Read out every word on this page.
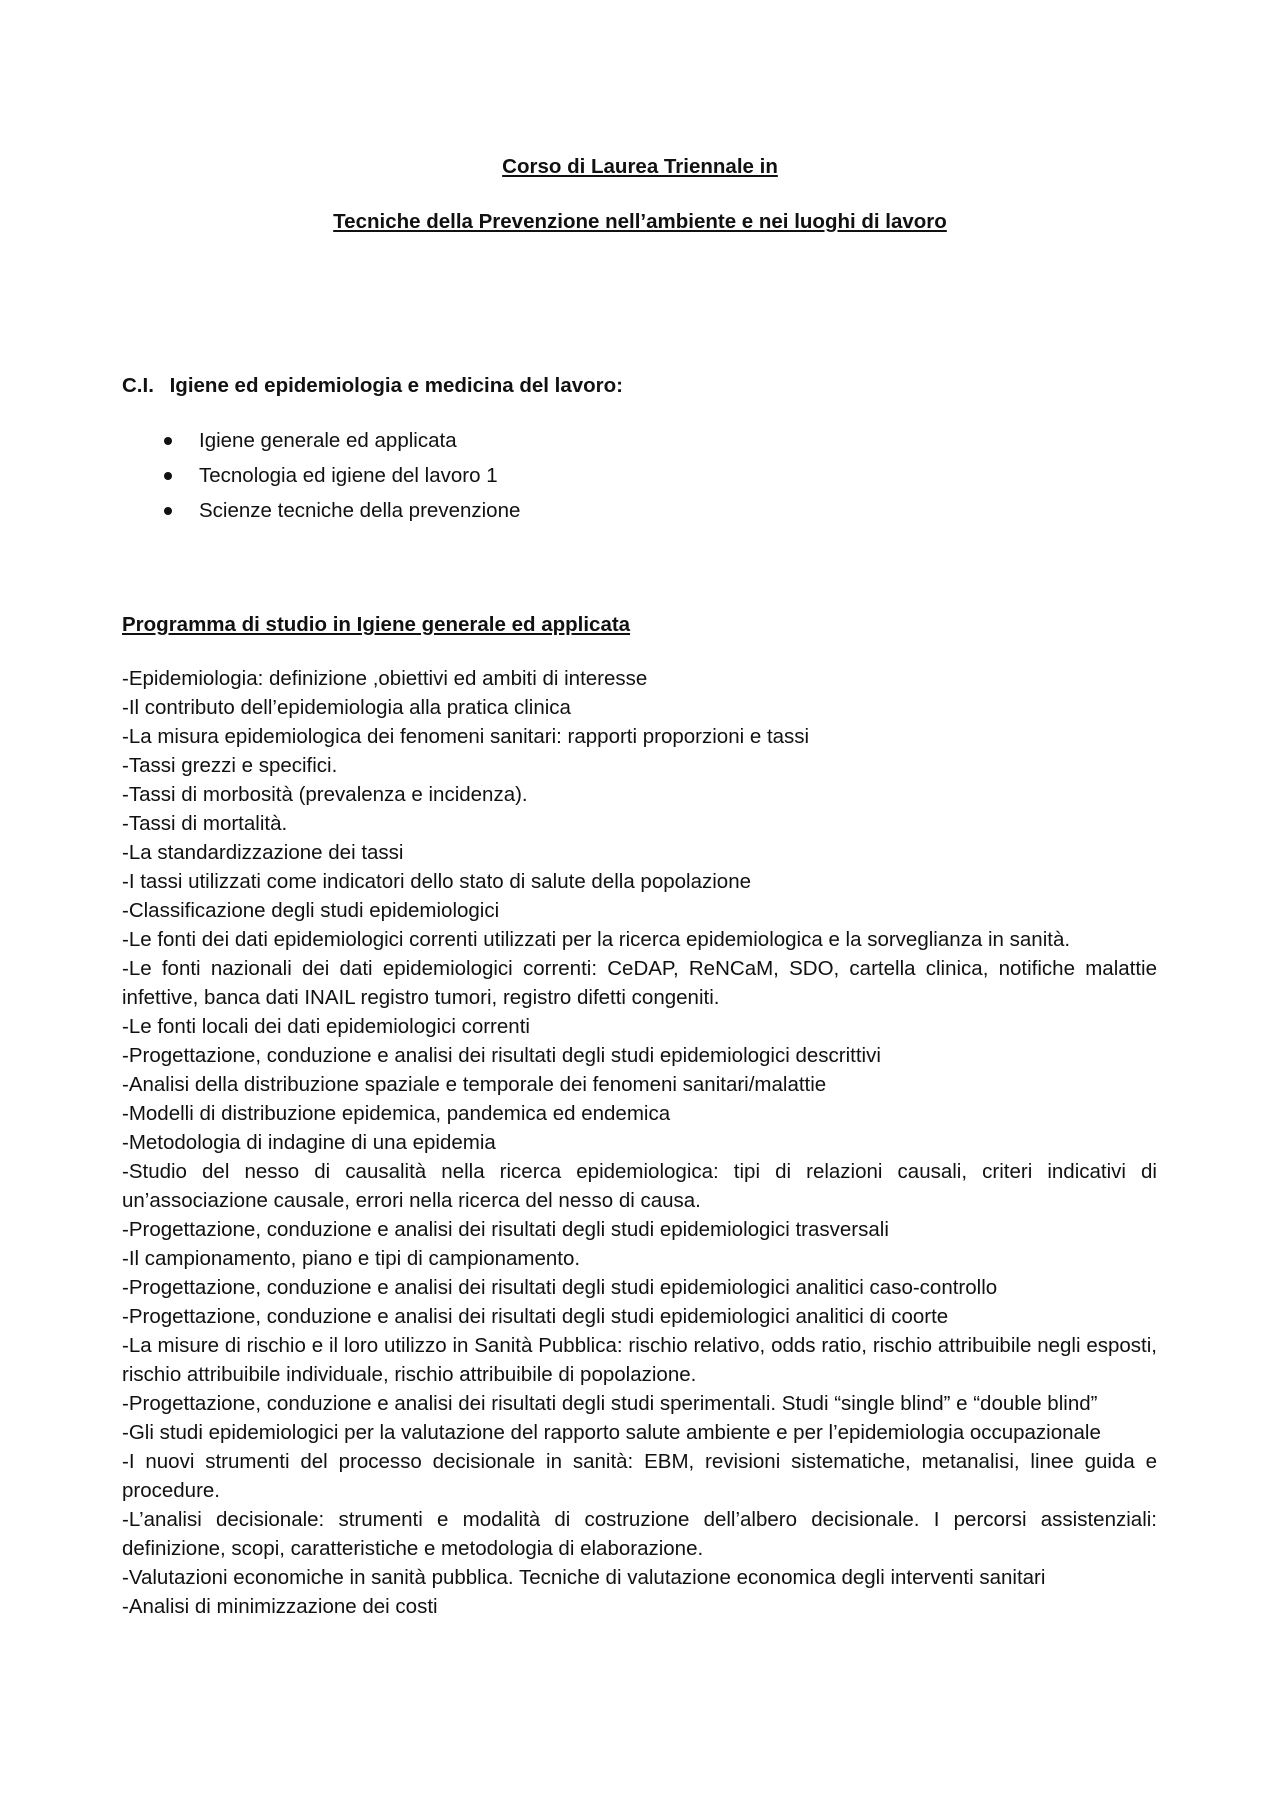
Corso di Laurea Triennale in
Tecniche della Prevenzione nell’ambiente e nei luoghi di lavoro
C.I. Igiene ed epidemiologia e medicina del lavoro:
Igiene generale ed applicata
Tecnologia ed igiene del lavoro 1
Scienze tecniche della prevenzione
Programma di studio in Igiene generale ed applicata
-Epidemiologia: definizione ,obiettivi ed ambiti di interesse
-Il contributo dell’epidemiologia alla pratica clinica
-La misura epidemiologica dei fenomeni sanitari: rapporti proporzioni e tassi
-Tassi grezzi e specifici.
-Tassi di morbosità (prevalenza e incidenza).
-Tassi di mortalità.
-La standardizzazione dei tassi
-I tassi utilizzati come indicatori dello stato di salute della popolazione
-Classificazione degli studi epidemiologici
-Le fonti dei dati epidemiologici correnti utilizzati per la ricerca epidemiologica e la sorveglianza in sanità.
-Le fonti nazionali dei dati epidemiologici correnti: CeDAP, ReNCaM, SDO, cartella clinica, notifiche malattie infettive, banca dati INAIL registro tumori, registro difetti congeniti.
-Le fonti locali dei dati epidemiologici correnti
-Progettazione, conduzione e analisi dei risultati degli studi epidemiologici descrittivi
-Analisi della distribuzione spaziale e temporale dei fenomeni sanitari/malattie
-Modelli di distribuzione epidemica, pandemica ed endemica
-Metodologia di indagine di una epidemia
-Studio del nesso di causalità nella ricerca epidemiologica: tipi di relazioni causali, criteri indicativi di un’associazione causale, errori nella ricerca del nesso di causa.
-Progettazione, conduzione e analisi dei risultati degli studi epidemiologici trasversali
-Il campionamento, piano e tipi di campionamento.
-Progettazione, conduzione e analisi dei risultati degli studi epidemiologici analitici caso-controllo
-Progettazione, conduzione e analisi dei risultati degli studi epidemiologici analitici di coorte
-La misure di rischio e il loro utilizzo in Sanità Pubblica: rischio relativo, odds ratio, rischio attribuibile negli esposti, rischio attribuibile individuale, rischio attribuibile di popolazione.
-Progettazione, conduzione e analisi dei risultati degli studi sperimentali. Studi “single blind” e “double blind”
-Gli studi epidemiologici per la valutazione del rapporto salute ambiente e per l’epidemiologia occupazionale
-I nuovi strumenti del processo decisionale in sanità: EBM, revisioni sistematiche, metanalisi, linee guida e procedure.
-L’analisi decisionale: strumenti e modalità di costruzione dell’albero decisionale. I percorsi assistenziali: definizione, scopi, caratteristiche e metodologia di elaborazione.
-Valutazioni economiche in sanità pubblica. Tecniche di valutazione economica degli interventi sanitari
-Analisi di minimizzazione dei costi
